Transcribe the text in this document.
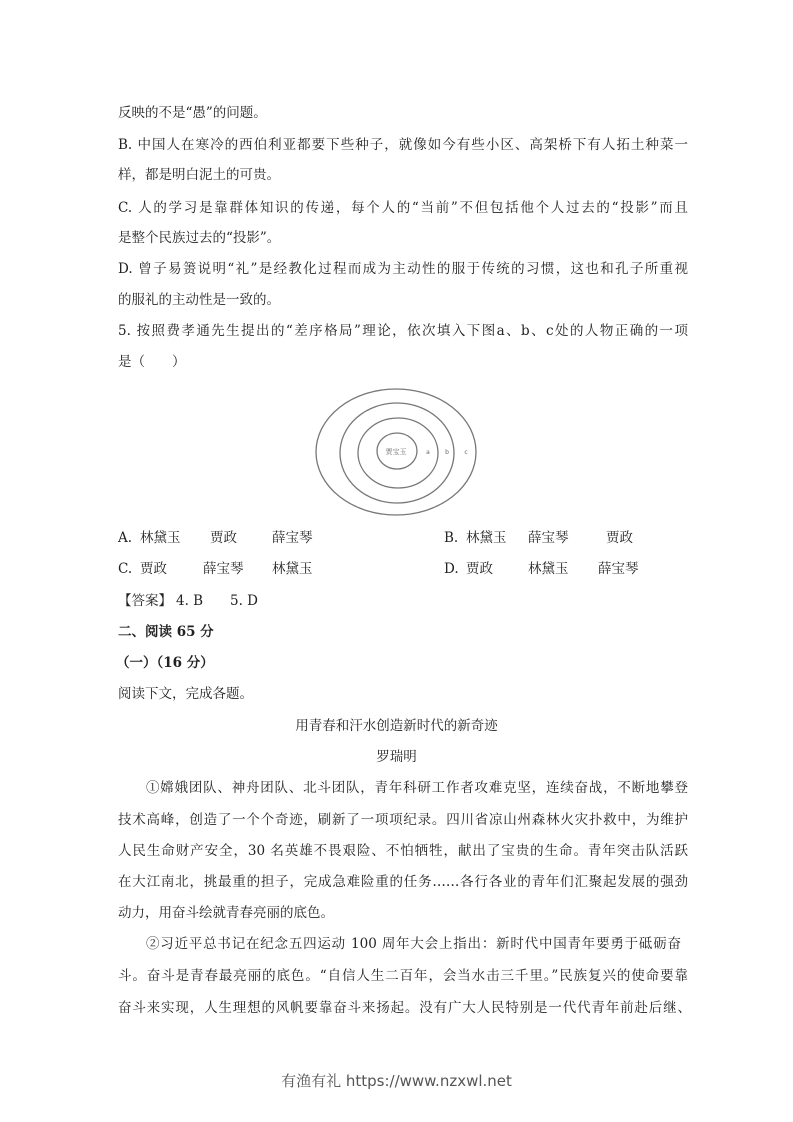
反映的不是“愚”的问题。
B. 中国人在寒冷的西伯利亚都要下些种子，就像如今有些小区、高架桥下有人拓土种菜一
样，都是明白泥土的可贵。
C. 人的学习是靠群体知识的传递，每个人的“当前”不但包括他个人过去的“投影”而且
是整个民族过去的“投影”。
D. 曾子易箦说明“礼”是经教化过程而成为主动性的服于传统的习惯，这也和孔子所重视
的服礼的主动性是一致的。
5. 按照费孝通先生提出的“差序格局”理论，依次填入下图a、b、c处的人物正确的一项
是（　　）
贾宝玉	a	b	c
A. 林黛玉 贾政	薛宝琴	B. 林黛玉 薛宝琴	贾政
C. 贾政	薛宝琴 林黛玉	D. 贾政	林黛玉 薛宝琴
【答案】 4. B 5. D
二、阅读 65 分
（一）（16 分）
阅读下文，完成各题。
用青春和汗水创造新时代的新奇迹
罗瑞明
①嫦娥团队、神舟团队、北斗团队，青年科研工作者攻难克坚，连续奋战，不断地攀登
技术高峰，创造了一个个奇迹，刷新了一项项纪录。四川省凉山州森林火灾扑救中，为维护
人民生命财产安全，30 名英雄不畏艰险、不怕牺牲，献出了宝贵的生命。青年突击队活跃
在大江南北，挑最重的担子，完成急难险重的任务……各行各业的青年们汇聚起发展的强劲
动力，用奋斗绘就青春亮丽的底色。
②习近平总书记在纪念五四运动 100 周年大会上指出：新时代中国青年要勇于砥砺奋
斗。奋斗是青春最亮丽的底色。“自信人生二百年，会当水击三千里。”民族复兴的使命要靠
奋斗来实现，人生理想的风帆要靠奋斗来扬起。没有广大人民特别是一代代青年前赴后继、
有渔有礼 https://www.nzxwl.net
